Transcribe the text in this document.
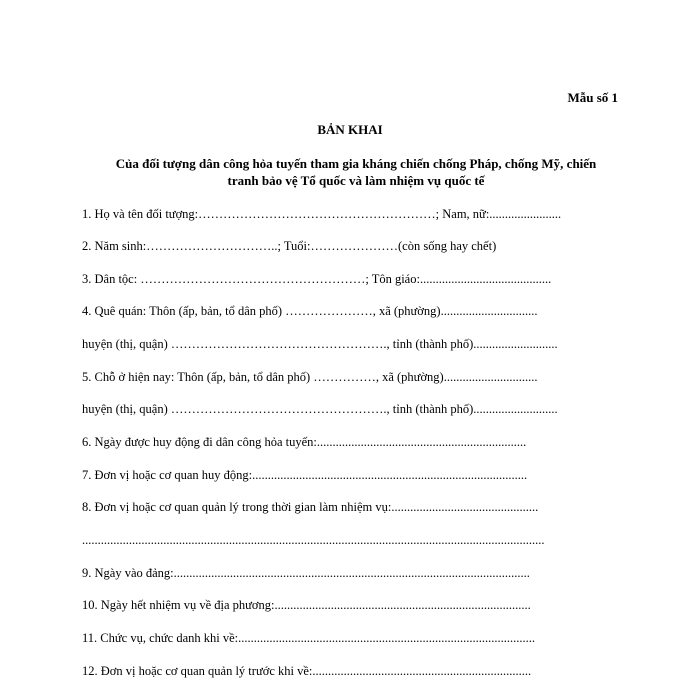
Mẫu số 1
BẢN KHAI
Của đối tượng dân công hỏa tuyến tham gia kháng chiến chống Pháp, chống Mỹ, chiến
tranh bảo vệ Tổ quốc và làm nhiệm vụ quốc tế
1. Họ và tên đối tượng:…………………………………………………; Nam, nữ:.......................
2. Năm sinh:…………………………..; Tuổi:…………………(còn sống hay chết)
3. Dân tộc: ………………………………………………; Tôn giáo:..........................................
4. Quê quán: Thôn (ấp, bản, tổ dân phố) …………………, xã (phường)...............................
huyện (thị, quận) ……………………………………………., tỉnh (thành phố)...........................
5. Chỗ ở hiện nay: Thôn (ấp, bản, tổ dân phố) ……………, xã (phường)..............................
huyện (thị, quận) ……………………………………………., tỉnh (thành phố)...........................
6. Ngày được huy động đi dân công hỏa tuyến:...................................................................
7. Đơn vị hoặc cơ quan huy động:........................................................................................
8. Đơn vị hoặc cơ quan quản lý trong thời gian làm nhiệm vụ:...............................................
....................................................................................................................................................
9. Ngày vào đảng:..................................................................................................................
10. Ngày hết nhiệm vụ về địa phương:..................................................................................
11. Chức vụ, chức danh khi về:...............................................................................................
12. Đơn vị hoặc cơ quan quản lý trước khi về:......................................................................
